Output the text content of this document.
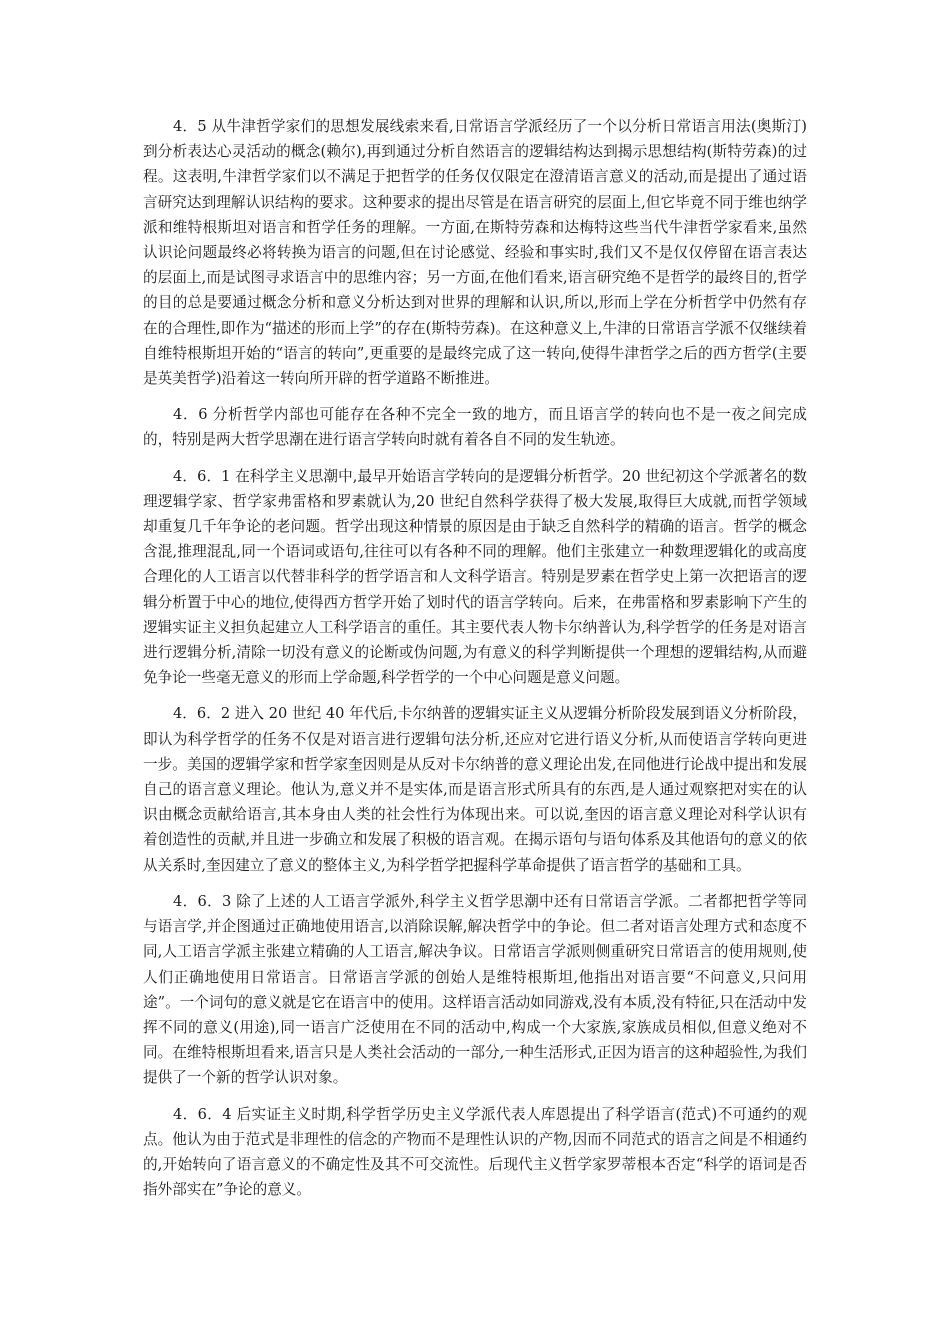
4．5 从牛津哲学家们的思想发展线索来看,日常语言学派经历了一个以分析日常语言用法(奥斯汀)到分析表达心灵活动的概念(赖尔),再到通过分析自然语言的逻辑结构达到揭示思想结构(斯特劳森)的过程。这表明,牛津哲学家们以不满足于把哲学的任务仅仅限定在澄清语言意义的活动,而是提出了通过语言研究达到理解认识结构的要求。这种要求的提出尽管是在语言研究的层面上,但它毕竟不同于维也纳学派和维特根斯坦对语言和哲学任务的理解。一方面,在斯特劳森和达梅特这些当代牛津哲学家看来,虽然认识论问题最终必将转换为语言的问题,但在讨论感觉、经验和事实时,我们又不是仅仅停留在语言表达的层面上,而是试图寻求语言中的思维内容；另一方面,在他们看来,语言研究绝不是哲学的最终目的,哲学的目的总是要通过概念分析和意义分析达到对世界的理解和认识,所以,形而上学在分析哲学中仍然有存在的合理性,即作为“描述的形而上学”的存在(斯特劳森)。在这种意义上,牛津的日常语言学派不仅继续着自维特根斯坦开始的“语言的转向”,更重要的是最终完成了这一转向,使得牛津哲学之后的西方哲学(主要是英美哲学)沿着这一转向所开辟的哲学道路不断推进。

4．6 分析哲学内部也可能存在各种不完全一致的地方，而且语言学的转向也不是一夜之间完成的，特别是两大哲学思潮在进行语言学转向时就有着各自不同的发生轨迹。

4．6．1 在科学主义思潮中,最早开始语言学转向的是逻辑分析哲学。20 世纪初这个学派著名的数理逻辑学家、哲学家弗雷格和罗素就认为,20 世纪自然科学获得了极大发展,取得巨大成就,而哲学领域却重复几千年争论的老问题。哲学出现这种情景的原因是由于缺乏自然科学的精确的语言。哲学的概念含混,推理混乱,同一个语词或语句,往往可以有各种不同的理解。他们主张建立一种数理逻辑化的或高度合理化的人工语言以代替非科学的哲学语言和人文科学语言。特别是罗素在哲学史上第一次把语言的逻辑分析置于中心的地位,使得西方哲学开始了划时代的语言学转向。后来，在弗雷格和罗素影响下产生的逻辑实证主义担负起建立人工科学语言的重任。其主要代表人物卡尔纳普认为,科学哲学的任务是对语言进行逻辑分析,清除一切没有意义的论断或伪问题,为有意义的科学判断提供一个理想的逻辑结构,从而避免争论一些毫无意义的形而上学命题,科学哲学的一个中心问题是意义问题。

4．6．2 进入 20 世纪 40 年代后,卡尔纳普的逻辑实证主义从逻辑分析阶段发展到语义分析阶段，即认为科学哲学的任务不仅是对语言进行逻辑句法分析,还应对它进行语义分析,从而使语言学转向更进一步。美国的逻辑学家和哲学家奎因则是从反对卡尔纳普的意义理论出发,在同他进行论战中提出和发展自己的语言意义理论。他认为,意义并不是实体,而是语言形式所具有的东西,是人通过观察把对实在的认识由概念贡献给语言,其本身由人类的社会性行为体现出来。可以说,奎因的语言意义理论对科学认识有着创造性的贡献,并且进一步确立和发展了积极的语言观。在揭示语句与语句体系及其他语句的意义的依从关系时,奎因建立了意义的整体主义,为科学哲学把握科学革命提供了语言哲学的基础和工具。

4．6．3 除了上述的人工语言学派外,科学主义哲学思潮中还有日常语言学派。二者都把哲学等同与语言学,并企图通过正确地使用语言,以消除误解,解决哲学中的争论。但二者对语言处理方式和态度不同,人工语言学派主张建立精确的人工语言,解决争议。日常语言学派则侧重研究日常语言的使用规则,使人们正确地使用日常语言。日常语言学派的创始人是维特根斯坦,他指出对语言要“不问意义,只问用途”。一个词句的意义就是它在语言中的使用。这样语言活动如同游戏,没有本质,没有特征,只在活动中发挥不同的意义(用途),同一语言广泛使用在不同的活动中,构成一个大家族,家族成员相似,但意义绝对不同。在维特根斯坦看来,语言只是人类社会活动的一部分,一种生活形式,正因为语言的这种超验性,为我们提供了一个新的哲学认识对象。

4．6．4 后实证主义时期,科学哲学历史主义学派代表人库恩提出了科学语言(范式)不可通约的观点。他认为由于范式是非理性的信念的产物而不是理性认识的产物,因而不同范式的语言之间是不相通约的,开始转向了语言意义的不确定性及其不可交流性。后现代主义哲学家罗蒂根本否定“科学的语词是否指外部实在”争论的意义。
